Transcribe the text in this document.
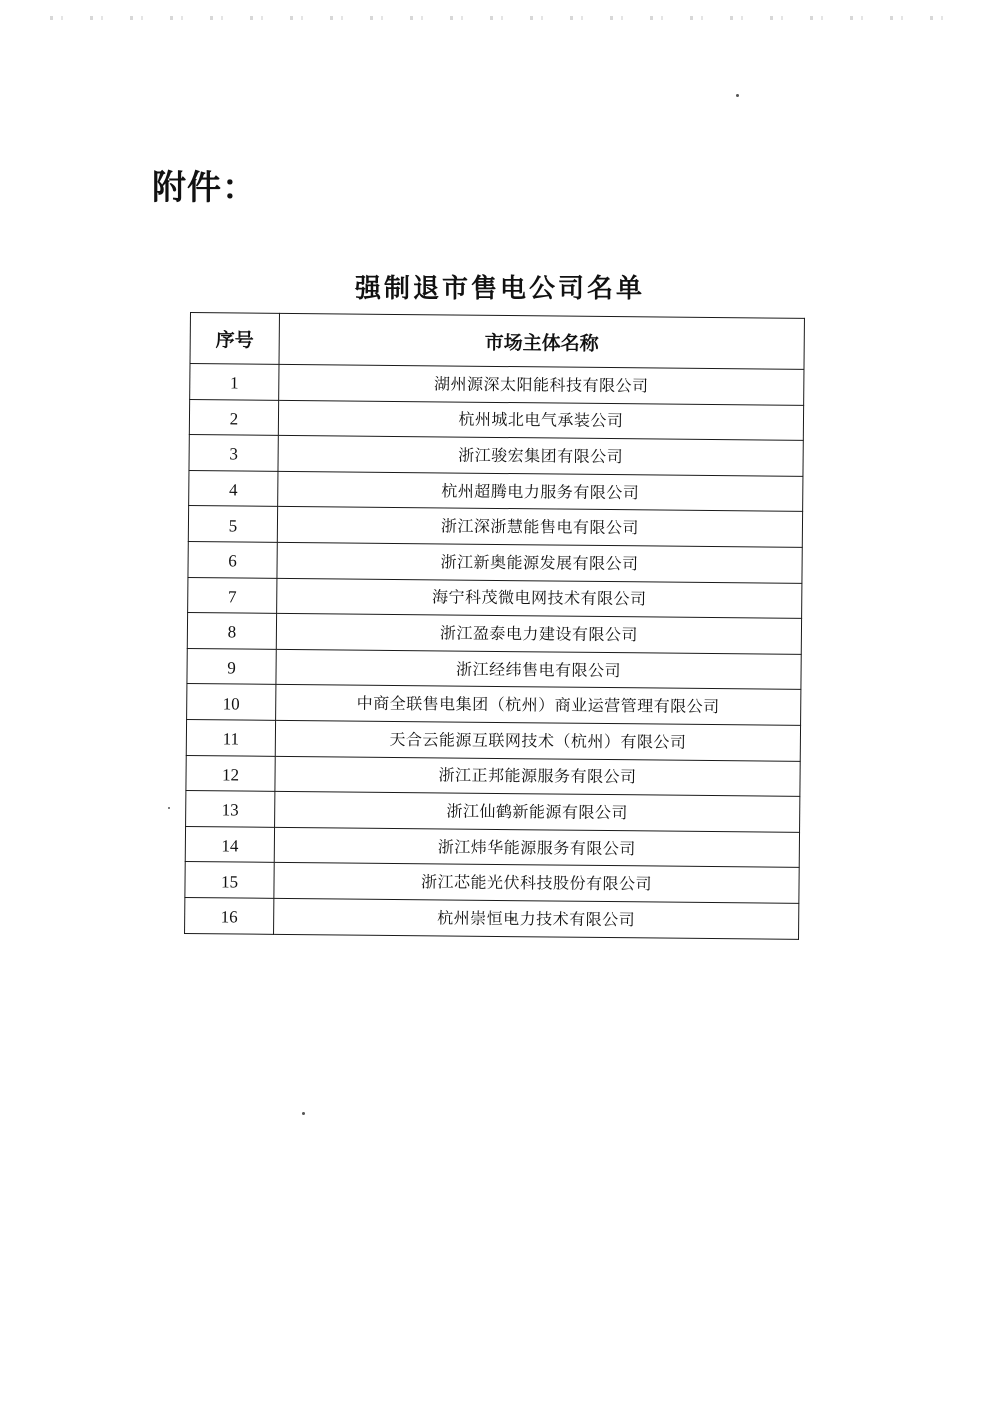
附件：
强制退市售电公司名单
序号	市场主体名称
1	湖州源深太阳能科技有限公司
2	杭州城北电气承装公司
3	浙江骏宏集团有限公司
4	杭州超腾电力服务有限公司
5	浙江深浙慧能售电有限公司
6	浙江新奥能源发展有限公司
7	海宁科茂微电网技术有限公司
8	浙江盈泰电力建设有限公司
9	浙江经纬售电有限公司
10	中商全联售电集团（杭州）商业运营管理有限公司
11	天合云能源互联网技术（杭州）有限公司
12	浙江正邦能源服务有限公司
13	浙江仙鹤新能源有限公司
14	浙江炜华能源服务有限公司
15	浙江芯能光伏科技股份有限公司
16	杭州崇恒电力技术有限公司
